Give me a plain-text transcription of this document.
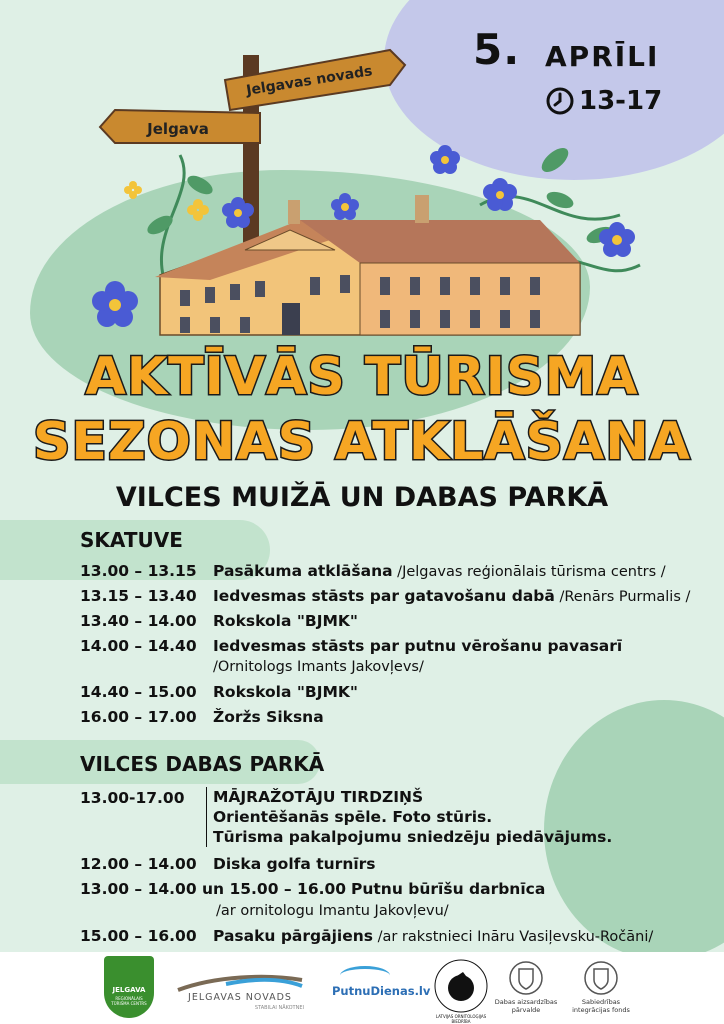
5. APRĪLI
13-17
Jelgavas novads
Jelgava
AKTĪVĀS TŪRISMA
SEZONAS ATKLĀŠANA
VILCES MUIŽĀ UN DABAS PARKĀ
SKATUVE
13.00 – 13.15 Pasākuma atklāšana /Jelgavas reģionālais tūrisma centrs /
13.15 – 13.40 Iedvesmas stāsts par gatavošanu dabā /Renārs Purmalis /
13.40 – 14.00 Rokskola "BJMK"
14.00 – 14.40 Iedvesmas stāsts par putnu vērošanu pavasarī
/Ornitologs Imants Jakovļevs/
14.40 – 15.00 Rokskola "BJMK"
16.00 – 17.00 Žoržs Siksna
VILCES DABAS PARKĀ
13.00-17.00	MĀJRAŽOTĀJU TIRDZIŅŠ
Orientēšanās spēle. Foto stūris.
Tūrisma pakalpojumu sniedzēju piedāvājums.
12.00 – 14.00 Diska golfa turnīrs
13.00 – 14.00 un 15.00 – 16.00 Putnu būrīšu darbnīca
/ar ornitologu Imantu Jakovļevu/
15.00 – 16.00 Pasaku pārgājiens /ar rakstnieci Ināru Vasiļevsku-Ročāni/
JELGAVA
REĢIONĀLAIS TŪRISMA CENTRS
JELGAVAS NOVADS
STABILAI NĀKOTNEI
PutnuDienas.lv
LATVIJAS ORNITOLOĢIJAS BIEDRĪBA
Dabas aizsardzības pārvalde
Sabiedrības integrācijas fonds
